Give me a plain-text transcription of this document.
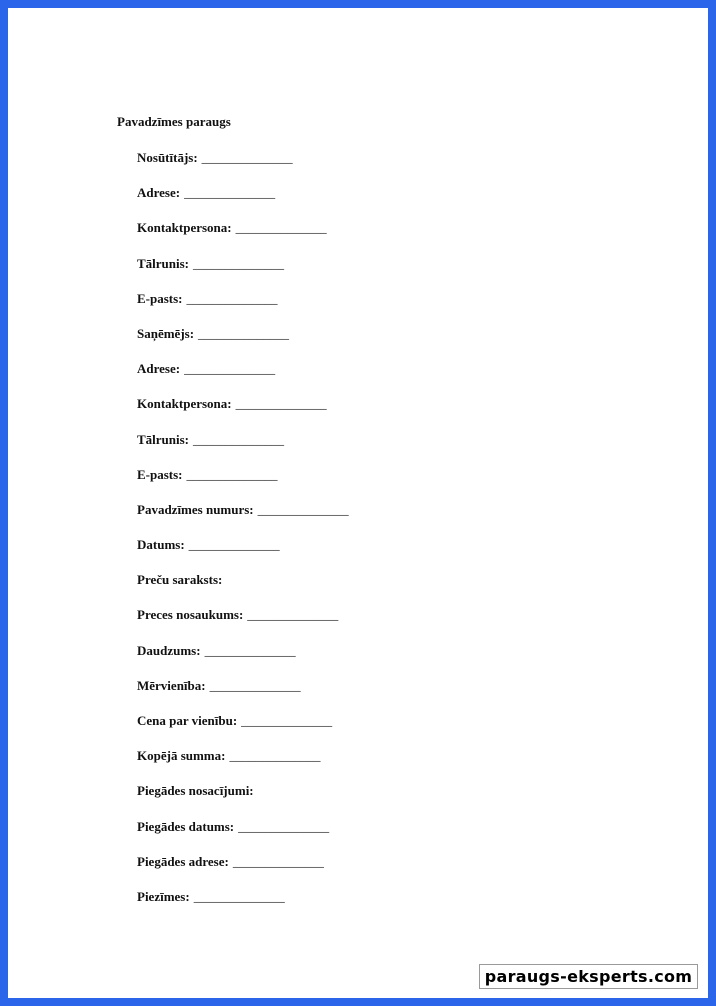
Pavadzīmes paraugs
Nosūtītājs: ______________
Adrese: ______________
Kontaktpersona: ______________
Tālrunis: ______________
E-pasts: ______________
Saņēmējs: ______________
Adrese: ______________
Kontaktpersona: ______________
Tālrunis: ______________
E-pasts: ______________
Pavadzīmes numurs: ______________
Datums: ______________
Preču saraksts:
Preces nosaukums: ______________
Daudzums: ______________
Mērvienība: ______________
Cena par vienību: ______________
Kopējā summa: ______________
Piegādes nosacījumi:
Piegādes datums: ______________
Piegādes adrese: ______________
Piezīmes: ______________
paraugs-eksperts.com
